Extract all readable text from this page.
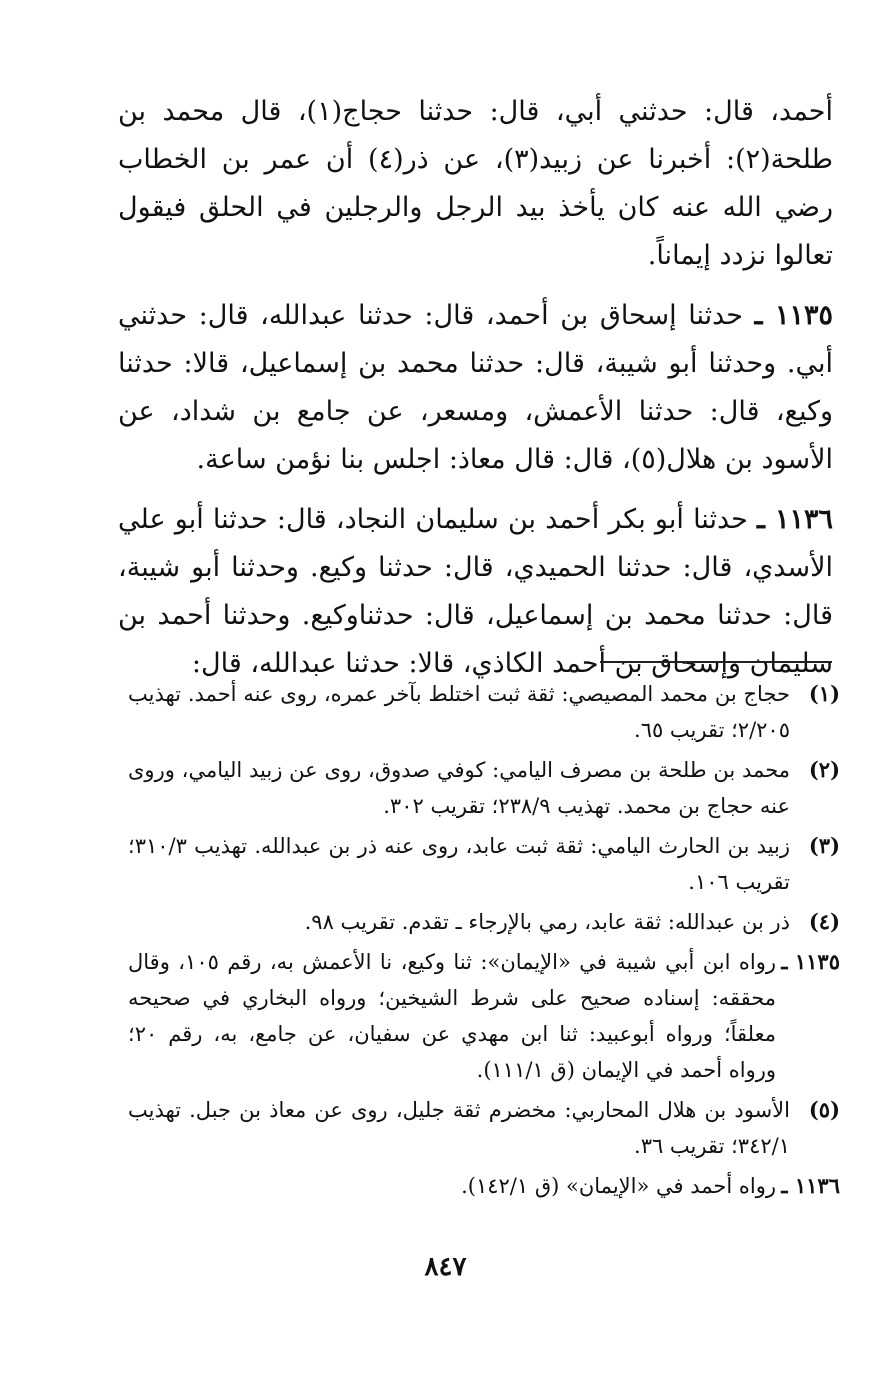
أحمد، قال: حدثني أبي، قال: حدثنا حجاج(١)، قال محمد بن طلحة(٢): أخبرنا عن زبيد(٣)، عن ذر(٤) أن عمر بن الخطاب رضي الله عنه كان يأخذ بيد الرجل والرجلين في الحلق فيقول تعالوا نزدد إيماناً.

١١٣٥ ـ حدثنا إسحاق بن أحمد، قال: حدثنا عبدالله، قال: حدثني أبي. وحدثنا أبو شيبة، قال: حدثنا محمد بن إسماعيل، قالا: حدثنا وكيع، قال: حدثنا الأعمش، ومسعر، عن جامع بن شداد، عن الأسود بن هلال(٥)، قال: قال معاذ: اجلس بنا نؤمن ساعة.

١١٣٦ ـ حدثنا أبو بكر أحمد بن سليمان النجاد، قال: حدثنا أبو علي الأسدي، قال: حدثنا الحميدي، قال: حدثنا وكيع. وحدثنا أبو شيبة، قال: حدثنا محمد بن إسماعيل، قال: حدثناوكيع. وحدثنا أحمد بن سليمان وإسحاق بن أحمد الكاذي، قالا: حدثنا عبدالله، قال:

(١)حجاج بن محمد المصيصي: ثقة ثبت اختلط بآخر عمره، روى عنه أحمد. تهذيب ٢/٢٠٥؛ تقريب ٦٥.
(٢)محمد بن طلحة بن مصرف اليامي: كوفي صدوق، روى عن زبيد اليامي، وروى عنه حجاج بن محمد. تهذيب ٢٣٨/٩؛ تقريب ٣٠٢.
(٣)زبيد بن الحارث اليامي: ثقة ثبت عابد، روى عنه ذر بن عبدالله. تهذيب ٣١٠/٣؛ تقريب ١٠٦.
(٤)ذر بن عبدالله: ثقة عابد، رمي بالإرجاء ـ تقدم. تقريب ٩٨.
١١٣٥ ـرواه ابن أبي شيبة في «الإيمان»: ثنا وكيع، نا الأعمش به، رقم ١٠٥، وقال محققه: إسناده صحيح على شرط الشيخين؛ ورواه البخاري في صحيحه معلقاً؛ ورواه أبوعبيد: ثنا ابن مهدي عن سفيان، عن جامع، به، رقم ٢٠؛ ورواه أحمد في الإيمان (ق ١١١/١).
(٥)الأسود بن هلال المحاربي: مخضرم ثقة جليل، روى عن معاذ بن جبل. تهذيب ٣٤٢/١؛ تقريب ٣٦.
١١٣٦ ـرواه أحمد في «الإيمان» (ق ١٤٢/١).
٨٤٧
